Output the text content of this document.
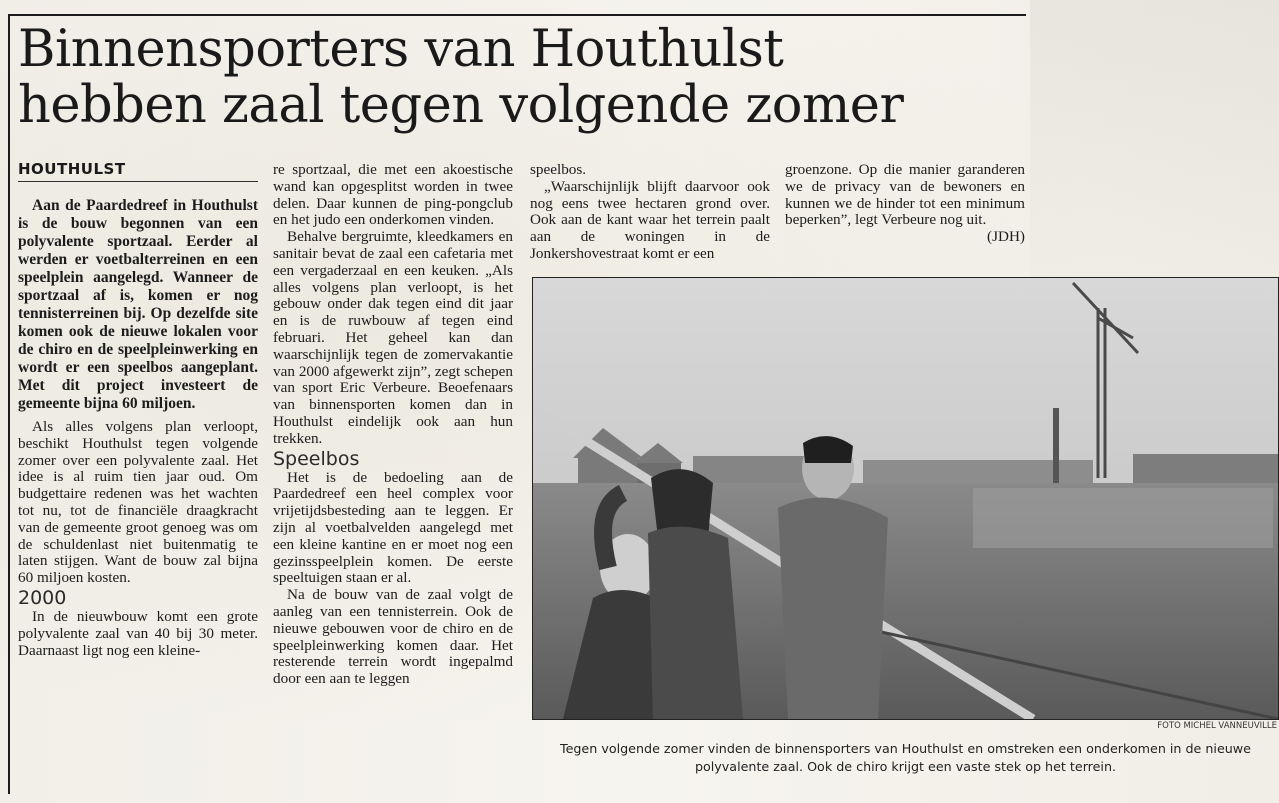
Binnensporters van Houthulst
hebben zaal tegen volgende zomer
HOUTHULST

Aan de Paardedreef in Houthulst is de bouw begonnen van een polyvalente sportzaal. Eerder al werden er voetbalterreinen en een speelplein aangelegd. Wanneer de sportzaal af is, komen er nog tennisterreinen bij. Op dezelfde site komen ook de nieuwe lokalen voor de chiro en de speelpleinwerking en wordt er een speelbos aangeplant. Met dit project investeert de gemeente bijna 60 miljoen.

Als alles volgens plan verloopt, beschikt Houthulst tegen volgende zomer over een polyvalente zaal. Het idee is al ruim tien jaar oud. Om budgettaire redenen was het wachten tot nu, tot de financiële draagkracht van de gemeente groot genoeg was om de schuldenlast niet buitenmatig te laten stijgen. Want de bouw zal bijna 60 miljoen kosten.

2000

In de nieuwbouw komt een grote polyvalente zaal van 40 bij 30 meter. Daarnaast ligt nog een kleine-

re sportzaal, die met een akoestische wand kan opgesplitst worden in twee delen. Daar kunnen de ping-pongclub en het judo een onderkomen vinden.

Behalve bergruimte, kleedkamers en sanitair bevat de zaal een cafetaria met een vergaderzaal en een keuken. „Als alles volgens plan verloopt, is het gebouw onder dak tegen eind dit jaar en is de ruwbouw af tegen eind februari. Het geheel kan dan waarschijnlijk tegen de zomervakantie van 2000 afgewerkt zijn”, zegt schepen van sport Eric Verbeure. Beoefenaars van binnensporten komen dan in Houthulst eindelijk ook aan hun trekken.

Speelbos

Het is de bedoeling aan de Paardedreef een heel complex voor vrijetijdsbesteding aan te leggen. Er zijn al voetbalvelden aangelegd met een kleine kantine en er moet nog een gezinsspeelplein komen. De eerste speeltuigen staan er al.

Na de bouw van de zaal volgt de aanleg van een tennisterrein. Ook de nieuwe gebouwen voor de chiro en de speelpleinwerking komen daar. Het resterende terrein wordt ingepalmd door een aan te leggen

speelbos.

„Waarschijnlijk blijft daarvoor ook nog eens twee hectaren grond over. Ook aan de kant waar het terrein paalt aan de woningen in de Jonkershovestraat komt er een

groenzone. Op die manier garanderen we de privacy van de bewoners en kunnen we de hinder tot een minimum beperken”, legt Verbeure nog uit.

(JDH)

FOTO MICHEL VANNEUVILLE
Tegen volgende zomer vinden de binnensporters van Houthulst en omstreken een onderkomen in de nieuwe
polyvalente zaal. Ook de chiro krijgt een vaste stek op het terrein.
